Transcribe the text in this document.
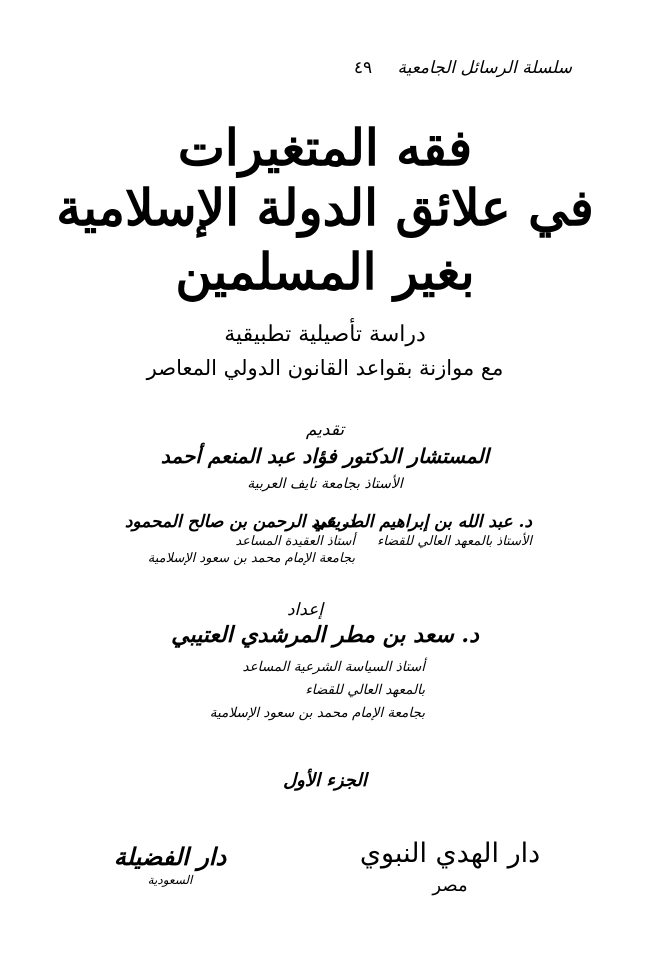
سلسلة الرسائل الجامعية ٤٩
فقه المتغيرات
في علائق الدولة الإسلامية
بغير المسلمين
دراسة تأصيلية تطبيقية
مع موازنة بقواعد القانون الدولي المعاصر
تقديم
المستشار الدكتور فؤاد عبد المنعم أحمد
الأستاذ بجامعة نايف العربية
د. عبد الله بن إبراهيم الطريقي
الأستاذ بالمعهد العالي للقضاء
د. عبد الرحمن بن صالح المحمود
أستاذ العقيدة المساعد
بجامعة الإمام محمد بن سعود الإسلامية
إعداد
د. سعد بن مطر المرشدي العتيبي
أستاذ السياسة الشرعية المساعد
بالمعهد العالي للقضاء
بجامعة الإمام محمد بن سعود الإسلامية
الجزء الأول
دار الهدي النبوي
مصر
دار الفضيلة
السعودية
